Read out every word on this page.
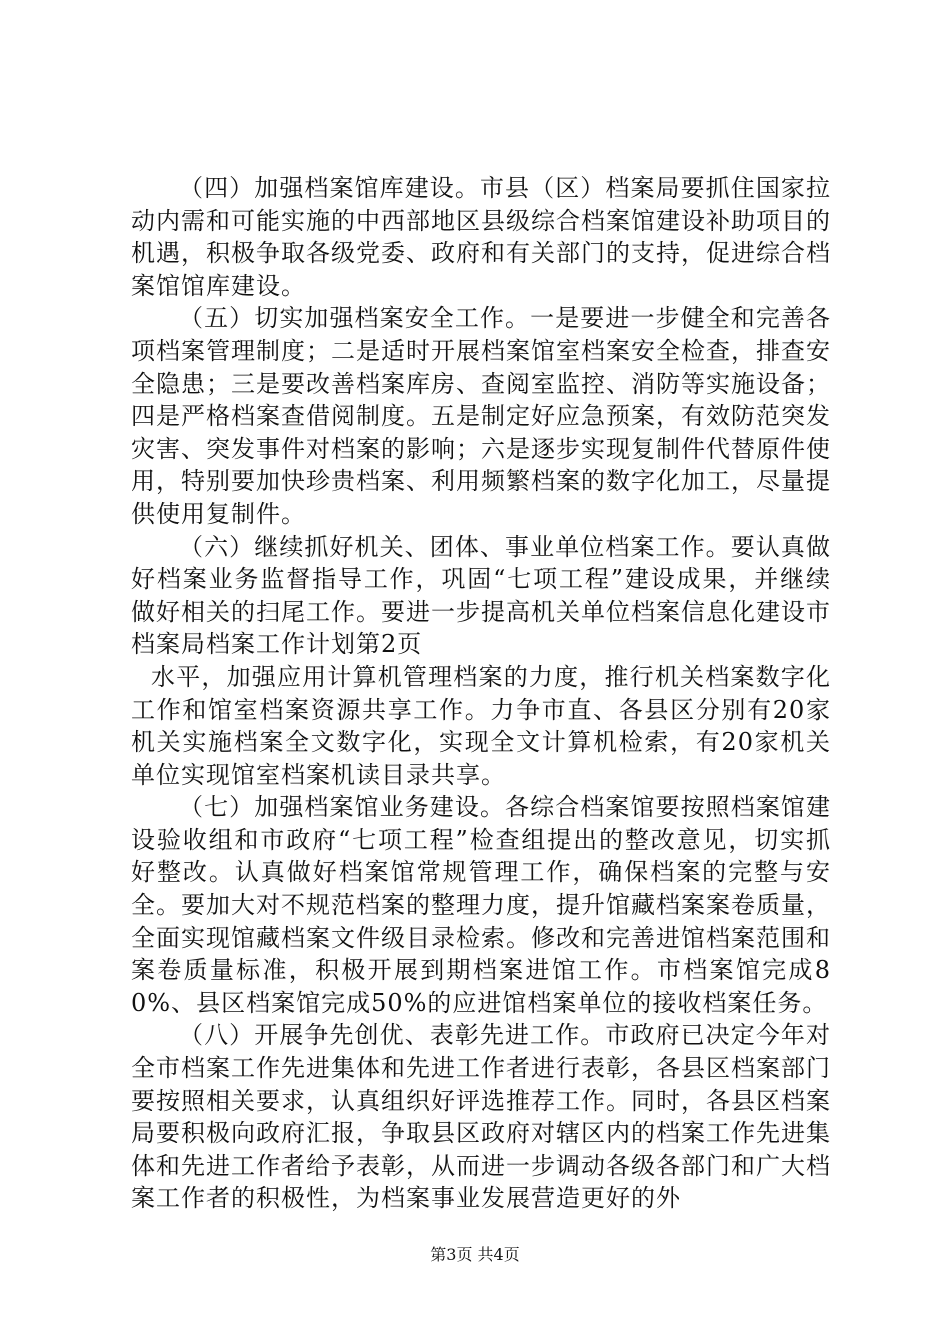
（四）加强档案馆库建设。市县（区）档案局要抓住国家拉动内需和可能实施的中西部地区县级综合档案馆建设补助项目的机遇，积极争取各级党委、政府和有关部门的支持，促进综合档案馆馆库建设。

（五）切实加强档案安全工作。一是要进一步健全和完善各项档案管理制度；二是适时开展档案馆室档案安全检查，排查安全隐患；三是要改善档案库房、查阅室监控、消防等实施设备；四是严格档案查借阅制度。五是制定好应急预案，有效防范突发灾害、突发事件对档案的影响；六是逐步实现复制件代替原件使用，特别要加快珍贵档案、利用频繁档案的数字化加工，尽量提供使用复制件。

（六）继续抓好机关、团体、事业单位档案工作。要认真做好档案业务监督指导工作，巩固“七项工程”建设成果，并继续做好相关的扫尾工作。要进一步提高机关单位档案信息化建设市档案局档案工作计划第2页

水平，加强应用计算机管理档案的力度，推行机关档案数字化工作和馆室档案资源共享工作。力争市直、各县区分别有20家机关实施档案全文数字化，实现全文计算机检索，有20家机关单位实现馆室档案机读目录共享。

（七）加强档案馆业务建设。各综合档案馆要按照档案馆建设验收组和市政府“七项工程”检查组提出的整改意见，切实抓好整改。认真做好档案馆常规管理工作，确保档案的完整与安全。要加大对不规范档案的整理力度，提升馆藏档案案卷质量，全面实现馆藏档案文件级目录检索。修改和完善进馆档案范围和案卷质量标准，积极开展到期档案进馆工作。市档案馆完成80%、县区档案馆完成50%的应进馆档案单位的接收档案任务。

（八）开展争先创优、表彰先进工作。市政府已决定今年对全市档案工作先进集体和先进工作者进行表彰，各县区档案部门要按照相关要求，认真组织好评选推荐工作。同时，各县区档案局要积极向政府汇报，争取县区政府对辖区内的档案工作先进集体和先进工作者给予表彰，从而进一步调动各级各部门和广大档案工作者的积极性，为档案事业发展营造更好的外

第3页 共4页
